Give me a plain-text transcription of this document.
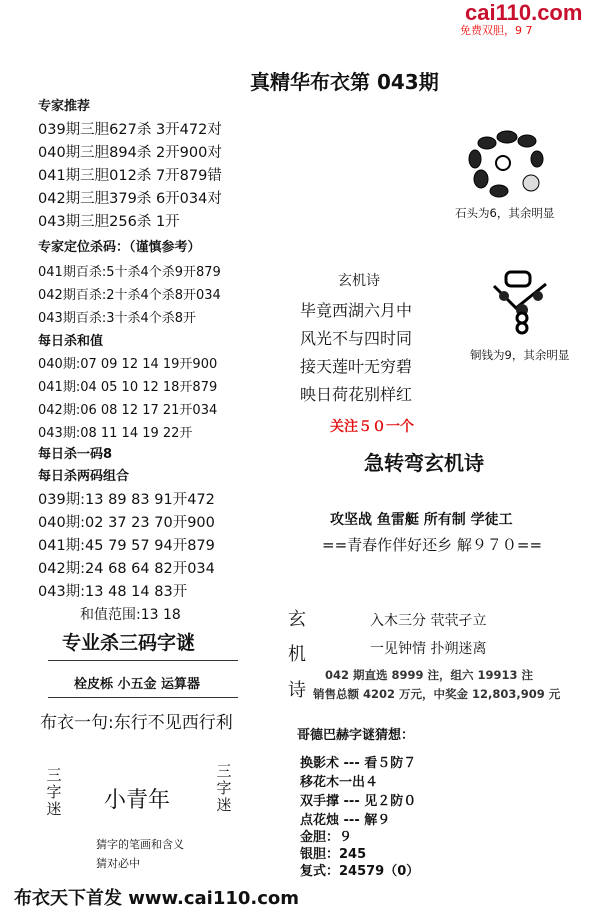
cai110.com
免费双胆，9 7
真精华布衣第 043期
专家推荐
039期三胆627杀 3开472对
040期三胆894杀 2开900对
041期三胆012杀 7开879错
042期三胆379杀 6开034对
043期三胆256杀 1开
专家定位杀码：（谨慎参考）
041期百杀:5十杀4个杀9开879
042期百杀:2十杀4个杀8开034
043期百杀:3十杀4个杀8开
每日杀和值
040期:07 09 12 14 19开900
041期:04 05 10 12 18开879
042期:06 08 12 17 21开034
043期:08 11 14 19 22开
每日杀一码8
每日杀两码组合
039期:13 89 83 91开472
040期:02 37 23 70开900
041期:45 79 57 94开879
042期:24 68 64 82开034
043期:13 48 14 83开
和值范围:13 18
专业杀三码字谜
栓皮栎 小五金 运算器
布衣一句:东行不见西行利
三字迷 小青年
三字迷
猜字的笔画和含义
猜对必中
布衣天下首发 www.cai110.com
石头为6，其余明显
铜钱为9，其余明显
玄机诗
毕竟西湖六月中
风光不与四时同
接天莲叶无穷碧
映日荷花别样红
关注５０一个
急转弯玄机诗
攻坚战 鱼雷艇 所有制 学徒工
==青春作伴好还乡 解９７０==
玄
机
诗
入木三分 茕茕孑立
一见钟情 扑朔迷离
042 期直选 8999 注，组六 19913 注
销售总额 4202 万元，中奖金 12,803,909 元
哥德巴赫字谜猜想：
换影术 --- 看５防７
移花木一出４
双手撑 --- 见２防０
点花烛 --- 解９
金胆：９
银胆：245
复式：24579（0）
